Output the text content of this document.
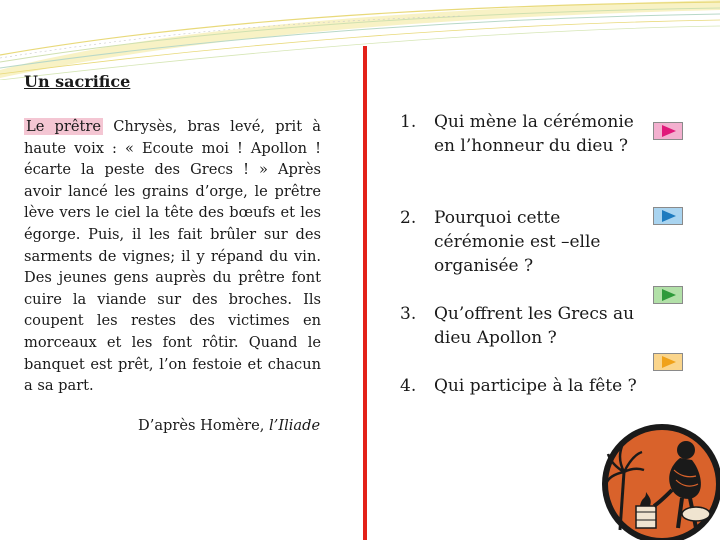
Un sacrifice
Le prêtre Chrysès, bras levé, prit à haute voix : « Ecoute moi ! Apollon ! écarte la peste des Grecs ! » Après avoir lancé les grains d’orge, le prêtre lève vers le ciel la tête des bœufs et les égorge. Puis, il les fait brûler sur des sarments de vignes; il y répand du vin. Des jeunes gens auprès du prêtre font cuire la viande sur des broches. Ils coupent les restes des victimes en morceaux et les font rôtir. Quand le banquet est prêt, l’on festoie et chacun a sa part.
D’après Homère, l’Iliade
1.	Qui mène la cérémonie en l’honneur du dieu ?
2.	Pourquoi cette cérémonie est –elle organisée ?
3.	Qu’offrent les Grecs au dieu Apollon ?
4.	Qui participe à la fête ?
